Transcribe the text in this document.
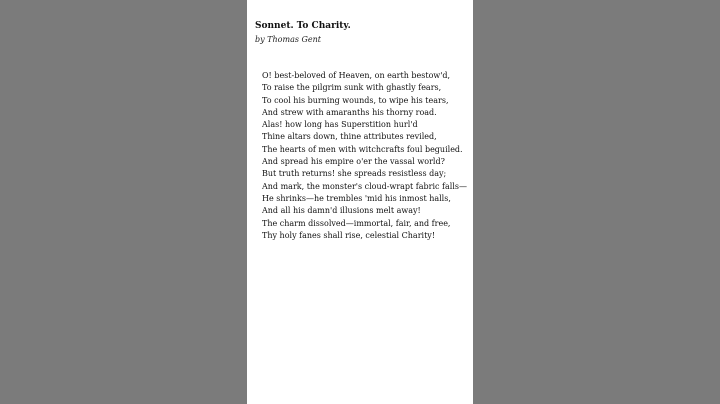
Sonnet. To Charity.
by Thomas Gent
O! best-beloved of Heaven, on earth bestow'd,
To raise the pilgrim sunk with ghastly fears,
To cool his burning wounds, to wipe his tears,
And strew with amaranths his thorny road.
Alas! how long has Superstition hurl'd
Thine altars down, thine attributes reviled,
The hearts of men with witchcrafts foul beguiled.
And spread his empire o'er the vassal world?
But truth returns! she spreads resistless day;
And mark, the monster's cloud-wrapt fabric falls—
He shrinks—he trembles 'mid his inmost halls,
And all his damn'd illusions melt away!
The charm dissolved—immortal, fair, and free,
Thy holy fanes shall rise, celestial Charity!
